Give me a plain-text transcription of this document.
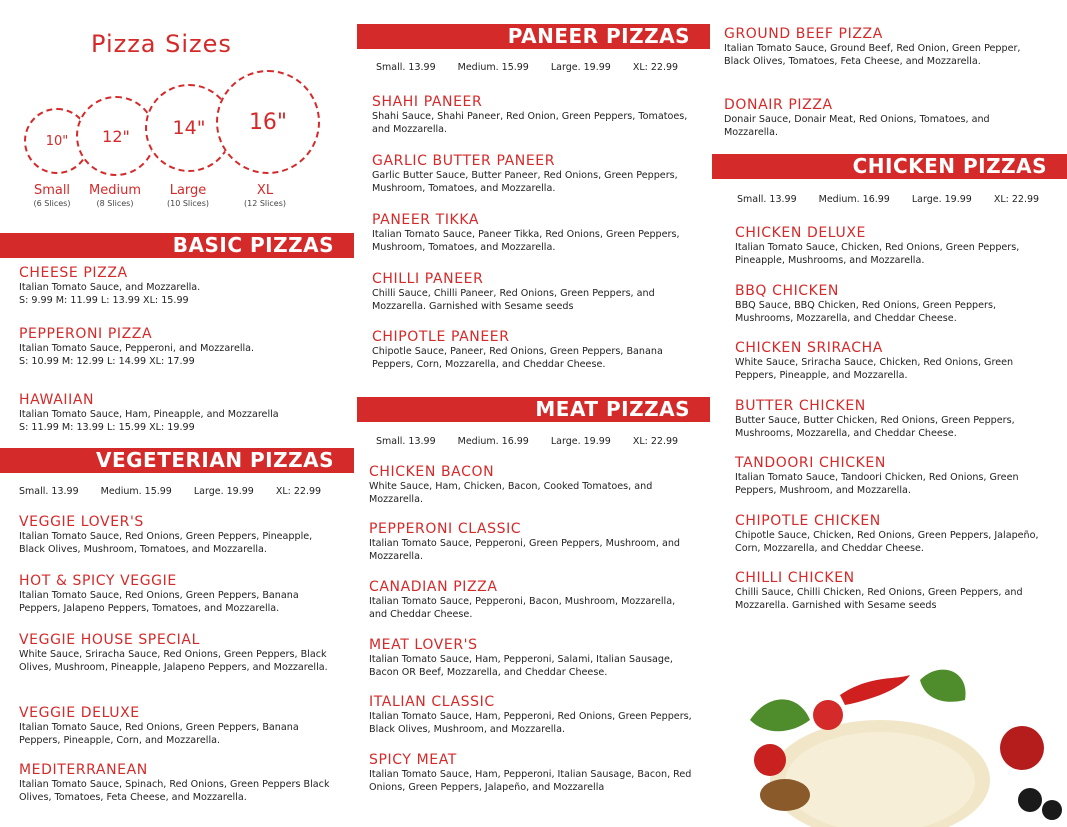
Pizza Sizes
10" 12" 14" 16"
Small	Medium	Large	XL
(6 Slices)	(8 Slices)	(10 Slices)	(12 Slices)
BASIC PIZZAS
CHEESE PIZZA
Italian Tomato Sauce, and Mozzarella.
S: 9.99 M: 11.99 L: 13.99 XL: 15.99
PEPPERONI PIZZA
Italian Tomato Sauce, Pepperoni, and Mozzarella.
S: 10.99 M: 12.99 L: 14.99 XL: 17.99
HAWAIIAN
Italian Tomato Sauce, Ham, Pineapple, and Mozzarella
S: 11.99 M: 13.99 L: 15.99 XL: 19.99
VEGETERIAN PIZZAS
Small. 13.99 Medium. 15.99 Large. 19.99 XL: 22.99
VEGGIE LOVER'S
Italian Tomato Sauce, Red Onions, Green Peppers, Pineapple, Black Olives, Mushroom, Tomatoes, and Mozzarella.
HOT & SPICY VEGGIE
Italian Tomato Sauce, Red Onions, Green Peppers, Banana Peppers, Jalapeno Peppers, Tomatoes, and Mozzarella.
VEGGIE HOUSE SPECIAL
White Sauce, Sriracha Sauce, Red Onions, Green Peppers, Black Olives, Mushroom, Pineapple, Jalapeno Peppers, and Mozzarella.
VEGGIE DELUXE
Italian Tomato Sauce, Red Onions, Green Peppers, Banana Peppers, Pineapple, Corn, and Mozzarella.
MEDITERRANEAN
Italian Tomato Sauce, Spinach, Red Onions, Green Peppers Black Olives, Tomatoes, Feta Cheese, and Mozzarella.
PANEER PIZZAS
Small. 13.99 Medium. 15.99 Large. 19.99 XL: 22.99
SHAHI PANEER
Shahi Sauce, Shahi Paneer, Red Onion, Green Peppers, Tomatoes, and Mozzarella.
GARLIC BUTTER PANEER
Garlic Butter Sauce, Butter Paneer, Red Onions, Green Peppers, Mushroom, Tomatoes, and Mozzarella.
PANEER TIKKA
Italian Tomato Sauce, Paneer Tikka, Red Onions, Green Peppers, Mushroom, Tomatoes, and Mozzarella.
CHILLI PANEER
Chilli Sauce, Chilli Paneer, Red Onions, Green Peppers, and Mozzarella. Garnished with Sesame seeds
CHIPOTLE PANEER
Chipotle Sauce, Paneer, Red Onions, Green Peppers, Banana Peppers, Corn, Mozzarella, and Cheddar Cheese.
MEAT PIZZAS
Small. 13.99 Medium. 16.99 Large. 19.99 XL: 22.99
CHICKEN BACON
White Sauce, Ham, Chicken, Bacon, Cooked Tomatoes, and Mozzarella.
PEPPERONI CLASSIC
Italian Tomato Sauce, Pepperoni, Green Peppers, Mushroom, and Mozzarella.
CANADIAN PIZZA
Italian Tomato Sauce, Pepperoni, Bacon, Mushroom, Mozzarella, and Cheddar Cheese.
MEAT LOVER'S
Italian Tomato Sauce, Ham, Pepperoni, Salami, Italian Sausage, Bacon OR Beef, Mozzarella, and Cheddar Cheese.
ITALIAN CLASSIC
Italian Tomato Sauce, Ham, Pepperoni, Red Onions, Green Peppers, Black Olives, Mushroom, and Mozzarella.
SPICY MEAT
Italian Tomato Sauce, Ham, Pepperoni, Italian Sausage, Bacon, Red Onions, Green Peppers, Jalapeño, and Mozzarella
GROUND BEEF PIZZA
Italian Tomato Sauce, Ground Beef, Red Onion, Green Pepper, Black Olives, Tomatoes, Feta Cheese, and Mozzarella.
DONAIR PIZZA
Donair Sauce, Donair Meat, Red Onions, Tomatoes, and Mozzarella.
CHICKEN PIZZAS
Small. 13.99 Medium. 16.99 Large. 19.99 XL: 22.99
CHICKEN DELUXE
Italian Tomato Sauce, Chicken, Red Onions, Green Peppers, Pineapple, Mushrooms, and Mozzarella.
BBQ CHICKEN
BBQ Sauce, BBQ Chicken, Red Onions, Green Peppers, Mushrooms, Mozzarella, and Cheddar Cheese.
CHICKEN SRIRACHA
White Sauce, Sriracha Sauce, Chicken, Red Onions, Green Peppers, Pineapple, and Mozzarella.
BUTTER CHICKEN
Butter Sauce, Butter Chicken, Red Onions, Green Peppers, Mushrooms, Mozzarella, and Cheddar Cheese.
TANDOORI CHICKEN
Italian Tomato Sauce, Tandoori Chicken, Red Onions, Green Peppers, Mushroom, and Mozzarella.
CHIPOTLE CHICKEN
Chipotle Sauce, Chicken, Red Onions, Green Peppers, Jalapeño, Corn, Mozzarella, and Cheddar Cheese.
CHILLI CHICKEN
Chilli Sauce, Chilli Chicken, Red Onions, Green Peppers, and Mozzarella. Garnished with Sesame seeds
